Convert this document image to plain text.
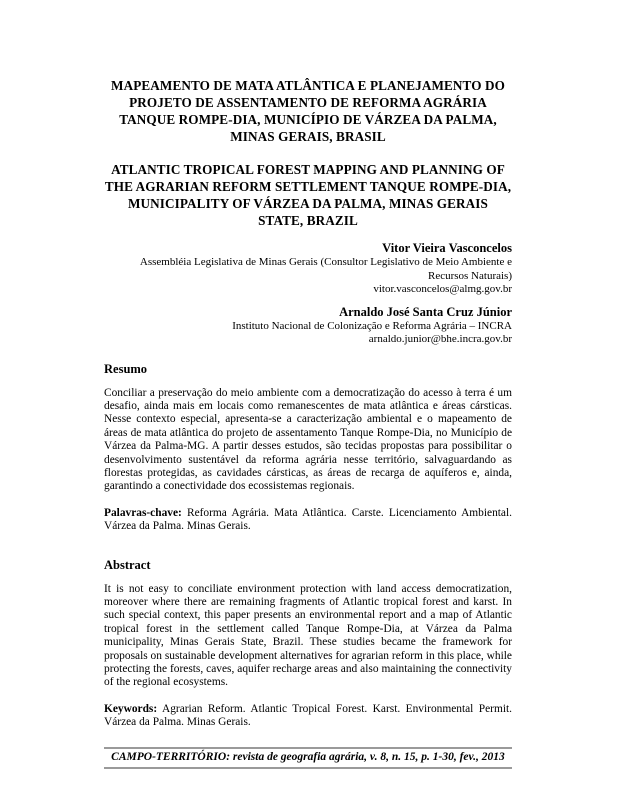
MAPEAMENTO DE MATA ATLÂNTICA E PLANEJAMENTO DO PROJETO DE ASSENTAMENTO DE REFORMA AGRÁRIA TANQUE ROMPE-DIA, MUNICÍPIO DE VÁRZEA DA PALMA, MINAS GERAIS, BRASIL
ATLANTIC TROPICAL FOREST MAPPING AND PLANNING OF THE AGRARIAN REFORM SETTLEMENT TANQUE ROMPE-DIA, MUNICIPALITY OF VÁRZEA DA PALMA, MINAS GERAIS STATE, BRAZIL
Vitor Vieira Vasconcelos
Assembléia Legislativa de Minas Gerais (Consultor Legislativo de Meio Ambiente e Recursos Naturais)
vitor.vasconcelos@almg.gov.br
Arnaldo José Santa Cruz Júnior
Instituto Nacional de Colonização e Reforma Agrária – INCRA
arnaldo.junior@bhe.incra.gov.br
Resumo

Conciliar a preservação do meio ambiente com a democratização do acesso à terra é um desafio, ainda mais em locais como remanescentes de mata atlântica e áreas cársticas. Nesse contexto especial, apresenta-se a caracterização ambiental e o mapeamento de áreas de mata atlântica do projeto de assentamento Tanque Rompe-Dia, no Município de Várzea da Palma-MG. A partir desses estudos, são tecidas propostas para possibilitar o desenvolvimento sustentável da reforma agrária nesse território, salvaguardando as florestas protegidas, as cavidades cársticas, as áreas de recarga de aquíferos e, ainda, garantindo a conectividade dos ecossistemas regionais.

Palavras-chave: Reforma Agrária. Mata Atlântica. Carste. Licenciamento Ambiental. Várzea da Palma. Minas Gerais.

Abstract

It is not easy to conciliate environment protection with land access democratization, moreover where there are remaining fragments of Atlantic tropical forest and karst. In such special context, this paper presents an environmental report and a map of Atlantic tropical forest in the settlement called Tanque Rompe-Dia, at Várzea da Palma municipality, Minas Gerais State, Brazil. These studies became the framework for proposals on sustainable development alternatives for agrarian reform in this place, while protecting the forests, caves, aquifer recharge areas and also maintaining the connectivity of the regional ecosystems.

Keywords: Agrarian Reform. Atlantic Tropical Forest. Karst. Environmental Permit. Várzea da Palma. Minas Gerais.

CAMPO-TERRITÓRIO: revista de geografia agrária, v. 8, n. 15, p. 1-30, fev., 2013
